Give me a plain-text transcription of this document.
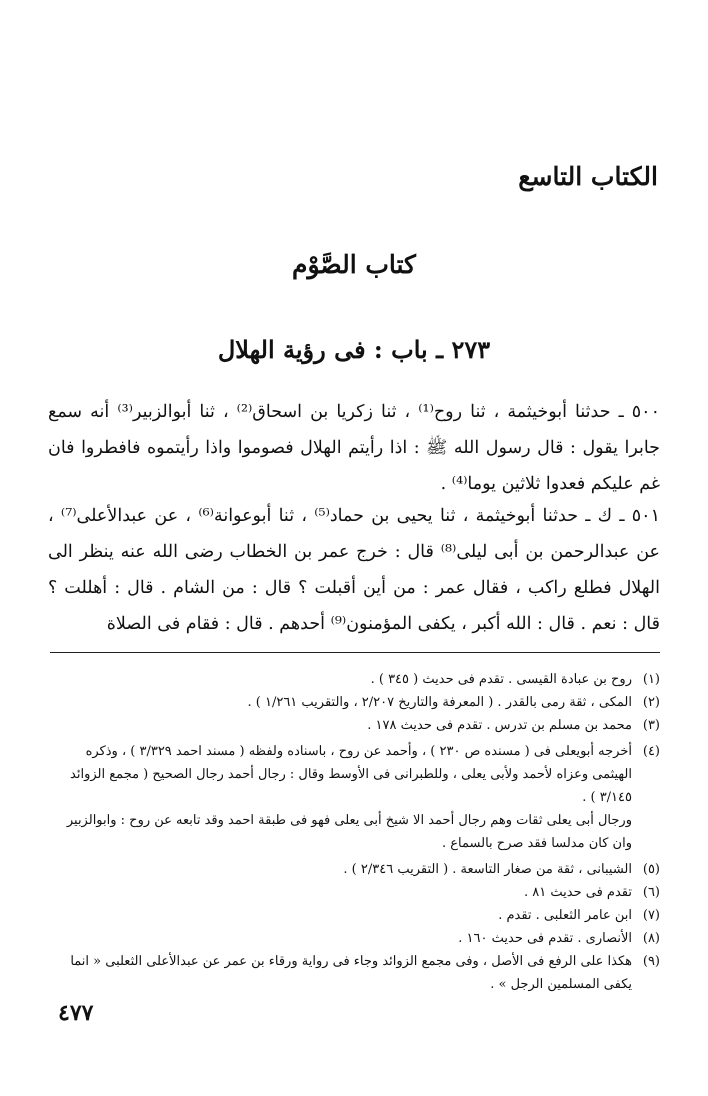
الكتاب التاسع
كتاب الصَّوْم
٢٧٣ ـ باب : فى رؤية الهلال

٥٠٠ ـ حدثنا أبوخيثمة ، ثنا روح⁽¹⁾ ، ثنا زكريا بن اسحاق⁽²⁾ ، ثنا أبوالزبير⁽³⁾ أنه سمع جابرا يقول : قال رسول الله ﷺ : اذا رأيتم الهلال فصوموا واذا رأيتموه فافطروا فان غم عليكم فعدوا ثلاثين يوما⁽⁴⁾ .

٥٠١ ـ ك ـ حدثنا أبوخيثمة ، ثنا يحيى بن حماد⁽⁵⁾ ، ثنا أبوعوانة⁽⁶⁾ ، عن عبدالأعلى⁽⁷⁾ ، عن عبدالرحمن بن أبى ليلى⁽⁸⁾ قال : خرج عمر بن الخطاب رضى الله عنه ينظر الى الهلال فطلع راكب ، فقال عمر : من أين أقبلت ؟ قال : من الشام . قال : أهللت ؟ قال : نعم . قال : الله أكبر ، يكفى المؤمنون⁽⁹⁾ أحدهم . قال : فقام فى الصلاة

(١)

روح بن عبادة القيسى . تقدم فى حديث ( ٣٤٥ ) .

(٢)

المكى ، ثقة رمى بالقدر . ( المعرفة والتاريخ ٢/٢٠٧ ، والتقريب ١/٢٦١ ) .

(٣)

محمد بن مسلم بن تدرس . تقدم فى حديث ١٧٨ .

(٤)

أخرجه أبويعلى فى ( مسنده ص ٢٣٠ ) ، وأحمد عن روح ، باسناده ولفظه ( مسند احمد ٣/٣٢٩ ) ، وذكره الهيثمى وعزاه لأحمد ولأبى يعلى ، وللطبرانى فى الأوسط وقال : رجال أحمد رجال الصحيح ( مجمع الزوائد ٣/١٤٥ ) .

ورجال أبى يعلى ثقات وهم رجال أحمد الا شيخ أبى يعلى فهو فى طبقة احمد وقد تابعه عن روح : وابوالزبير وان كان مدلسا فقد صرح بالسماع .

(٥)

الشيبانى ، ثقة من صغار التاسعة . ( التقريب ٢/٣٤٦ ) .

(٦)

تقدم فى حديث ٨١ .

(٧)

ابن عامر الثعلبى . تقدم .

(٨)

الأنصارى . تقدم فى حديث ١٦٠ .

(٩)

هكذا على الرفع فى الأصل ، وفى مجمع الزوائد وجاء فى رواية ورقاء بن عمر عن عبدالأعلى الثعلبى « انما يكفى المسلمين الرجل » .

٤٧٧
